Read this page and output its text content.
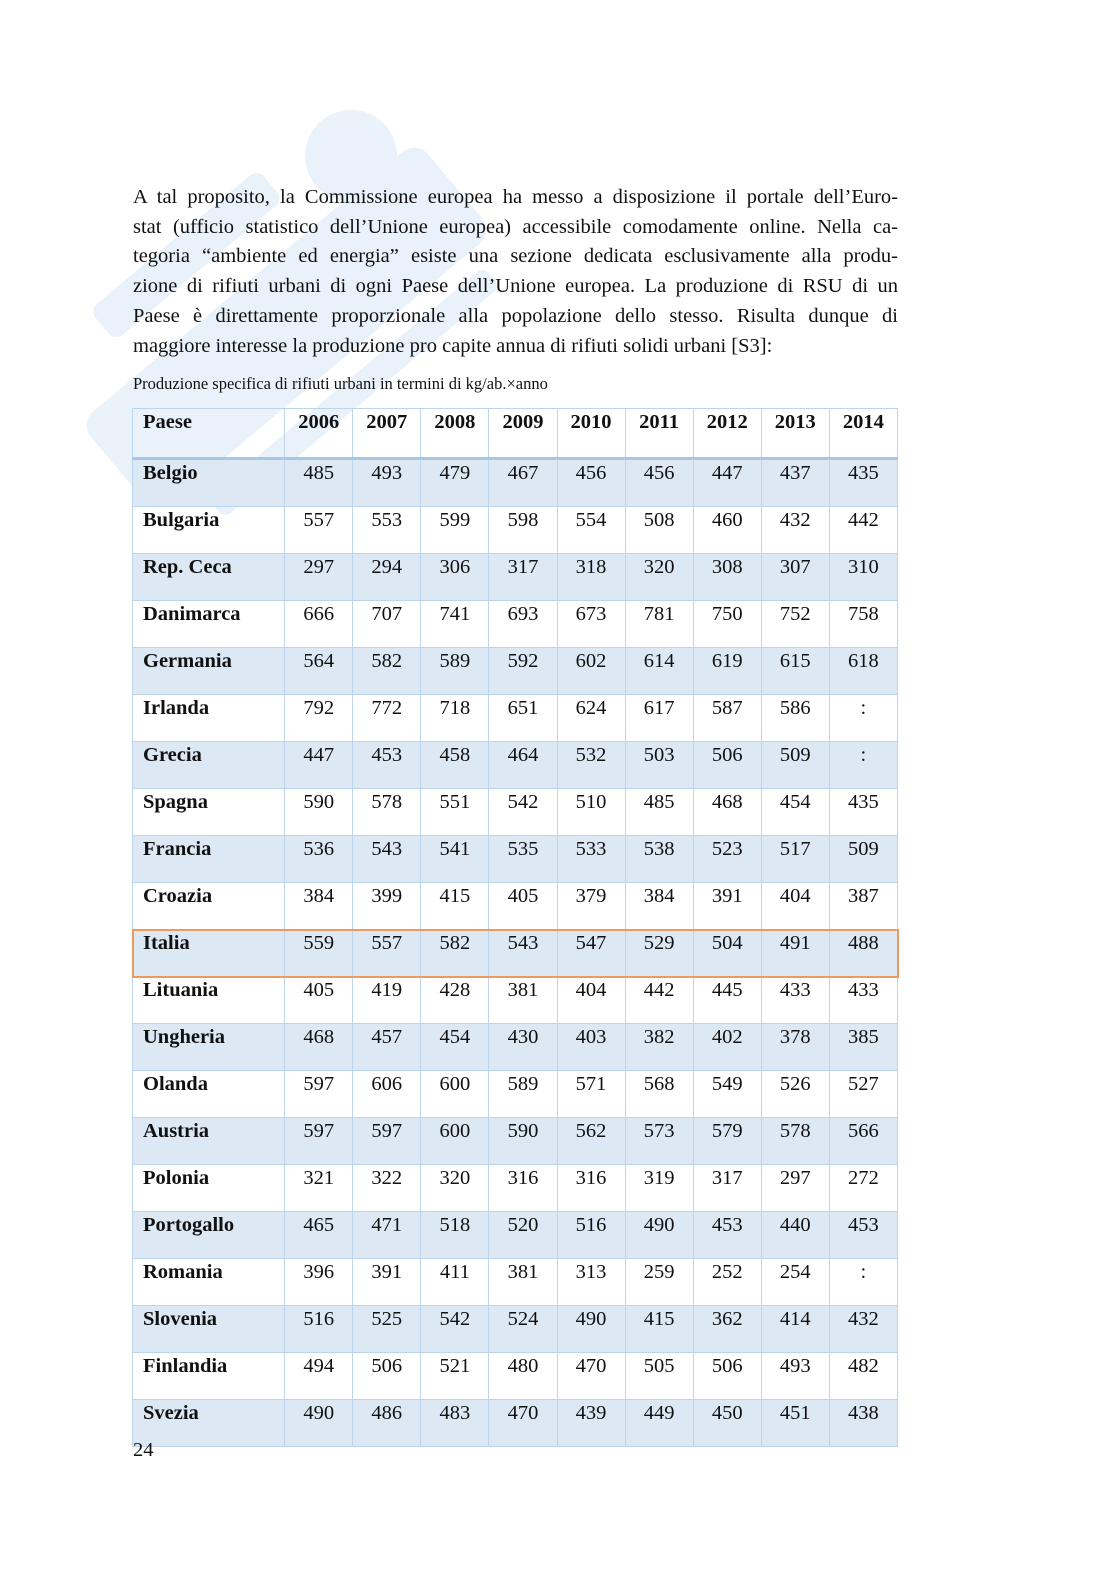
A tal proposito, la Commissione europea ha messo a disposizione il portale dell’Euro-
stat (ufficio statistico dell’Unione europea) accessibile comodamente online. Nella ca-
tegoria “ambiente ed energia” esiste una sezione dedicata esclusivamente alla produ-
zione di rifiuti urbani di ogni Paese dell’Unione europea. La produzione di RSU di un
Paese è direttamente proporzionale alla popolazione dello stesso. Risulta dunque di
maggiore interesse la produzione pro capite annua di rifiuti solidi urbani [S3]:
Produzione specifica di rifiuti urbani in termini di kg/ab.×anno
Paese	2006	2007	2008	2009	2010	2011	2012	2013	2014
Belgio	485	493	479	467	456	456	447	437	435
Bulgaria	557	553	599	598	554	508	460	432	442
Rep. Ceca	297	294	306	317	318	320	308	307	310
Danimarca	666	707	741	693	673	781	750	752	758
Germania	564	582	589	592	602	614	619	615	618
Irlanda	792	772	718	651	624	617	587	586	:
Grecia	447	453	458	464	532	503	506	509	:
Spagna	590	578	551	542	510	485	468	454	435
Francia	536	543	541	535	533	538	523	517	509
Croazia	384	399	415	405	379	384	391	404	387
Italia	559	557	582	543	547	529	504	491	488
Lituania	405	419	428	381	404	442	445	433	433
Ungheria	468	457	454	430	403	382	402	378	385
Olanda	597	606	600	589	571	568	549	526	527
Austria	597	597	600	590	562	573	579	578	566
Polonia	321	322	320	316	316	319	317	297	272
Portogallo	465	471	518	520	516	490	453	440	453
Romania	396	391	411	381	313	259	252	254	:
Slovenia	516	525	542	524	490	415	362	414	432
Finlandia	494	506	521	480	470	505	506	493	482
Svezia	490	486	483	470	439	449	450	451	438
24
